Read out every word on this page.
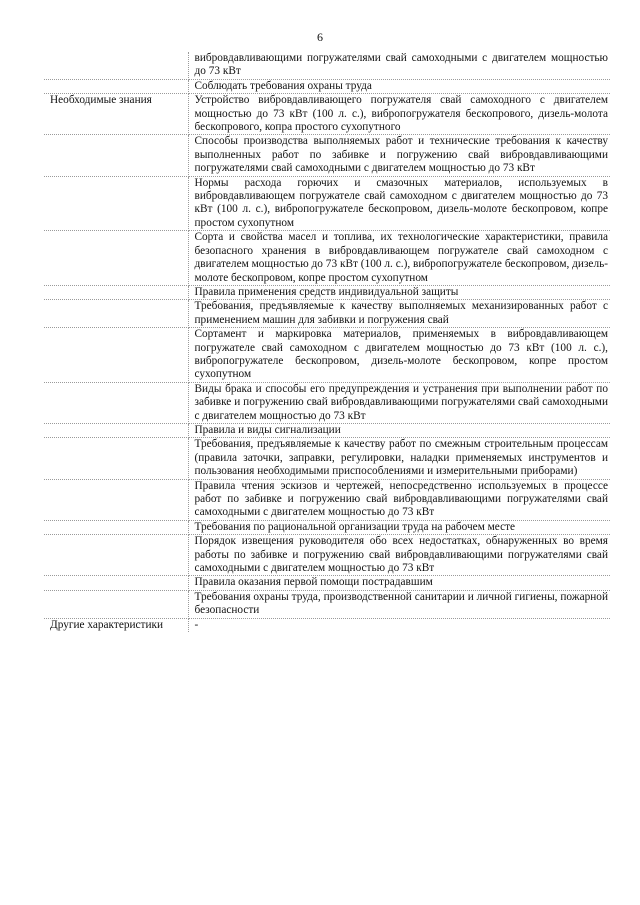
6
	вибровдавливающими погружателями свай самоходными с двигателем мощностью до 73 кВт
	Соблюдать требования охраны труда
Необходимые знания	Устройство вибровдавливающего погружателя свай самоходного с двигателем мощностью до 73 кВт (100 л. с.), вибропогружателя бескопрового, дизель-молота бескопрового, копра простого сухопутного
	Способы производства выполняемых работ и технические требования к качеству выполненных работ по забивке и погружению свай вибровдавливающими погружателями свай самоходными с двигателем мощностью до 73 кВт
	Нормы расхода горючих и смазочных материалов, используемых в вибровдавливающем погружателе свай самоходном с двигателем мощностью до 73 кВт (100 л. с.), вибропогружателе бескопровом, дизель-молоте бескопровом, копре простом сухопутном
	Сорта и свойства масел и топлива, их технологические характеристики, правила безопасного хранения в вибровдавливающем погружателе свай самоходном с двигателем мощностью до 73 кВт (100 л. с.), вибропогружателе бескопровом, дизель-молоте бескопровом, копре простом сухопутном
	Правила применения средств индивидуальной защиты
	Требования, предъявляемые к качеству выполняемых механизированных работ с применением машин для забивки и погружения свай
	Сортамент и маркировка материалов, применяемых в вибровдавливающем погружателе свай самоходном с двигателем мощностью до 73 кВт (100 л. с.), вибропогружателе бескопровом, дизель-молоте бескопровом, копре простом сухопутном
	Виды брака и способы его предупреждения и устранения при выполнении работ по забивке и погружению свай вибровдавливающими погружателями свай самоходными с двигателем мощностью до 73 кВт
	Правила и виды сигнализации
	Требования, предъявляемые к качеству работ по смежным строительным процессам (правила заточки, заправки, регулировки, наладки применяемых инструментов и пользования необходимыми приспособлениями и измерительными приборами)
	Правила чтения эскизов и чертежей, непосредственно используемых в процессе работ по забивке и погружению свай вибровдавливающими погружателями свай самоходными с двигателем мощностью до 73 кВт
	Требования по рациональной организации труда на рабочем месте
	Порядок извещения руководителя обо всех недостатках, обнаруженных во время работы по забивке и погружению свай вибровдавливающими погружателями свай самоходными с двигателем мощностью до 73 кВт
	Правила оказания первой помощи пострадавшим
	Требования охраны труда, производственной санитарии и личной гигиены, пожарной безопасности
Другие характеристики	-
